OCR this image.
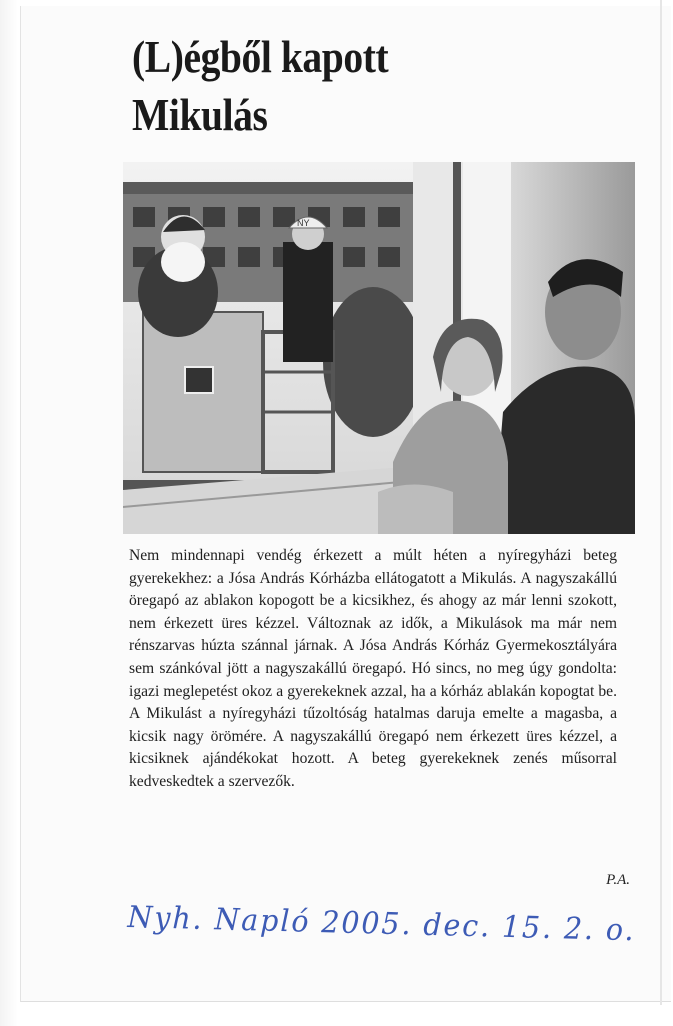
(L)égből kapott
Mikulás
NY

Nem mindennapi vendég érkezett a múlt héten a nyíregyházi beteg gyerekekhez: a Jósa András Kórházba ellátogatott a Mikulás. A nagyszakállú öregapó az ablakon kopogott be a kicsikhez, és ahogy az már lenni szokott, nem érkezett üres kézzel. Változnak az idők, a Mikulások ma már nem rénszarvas húzta szánnal járnak. A Jósa András Kórház Gyermekosztályára sem szánkóval jött a nagyszakállú öregapó. Hó sincs, no meg úgy gondolta: igazi meglepetést okoz a gyerekeknek azzal, ha a kórház ablakán kopogtat be. A Mikulást a nyíregyházi tűzoltóság hatalmas daruja emelte a magasba, a kicsik nagy örömére. A nagyszakállú öregapó nem érkezett üres kézzel, a kicsiknek ajándékokat hozott. A beteg gyerekeknek zenés műsorral kedveskedtek a szervezők.

P.A.
Nyh. Napló 2005. dec. 15. 2. o.
